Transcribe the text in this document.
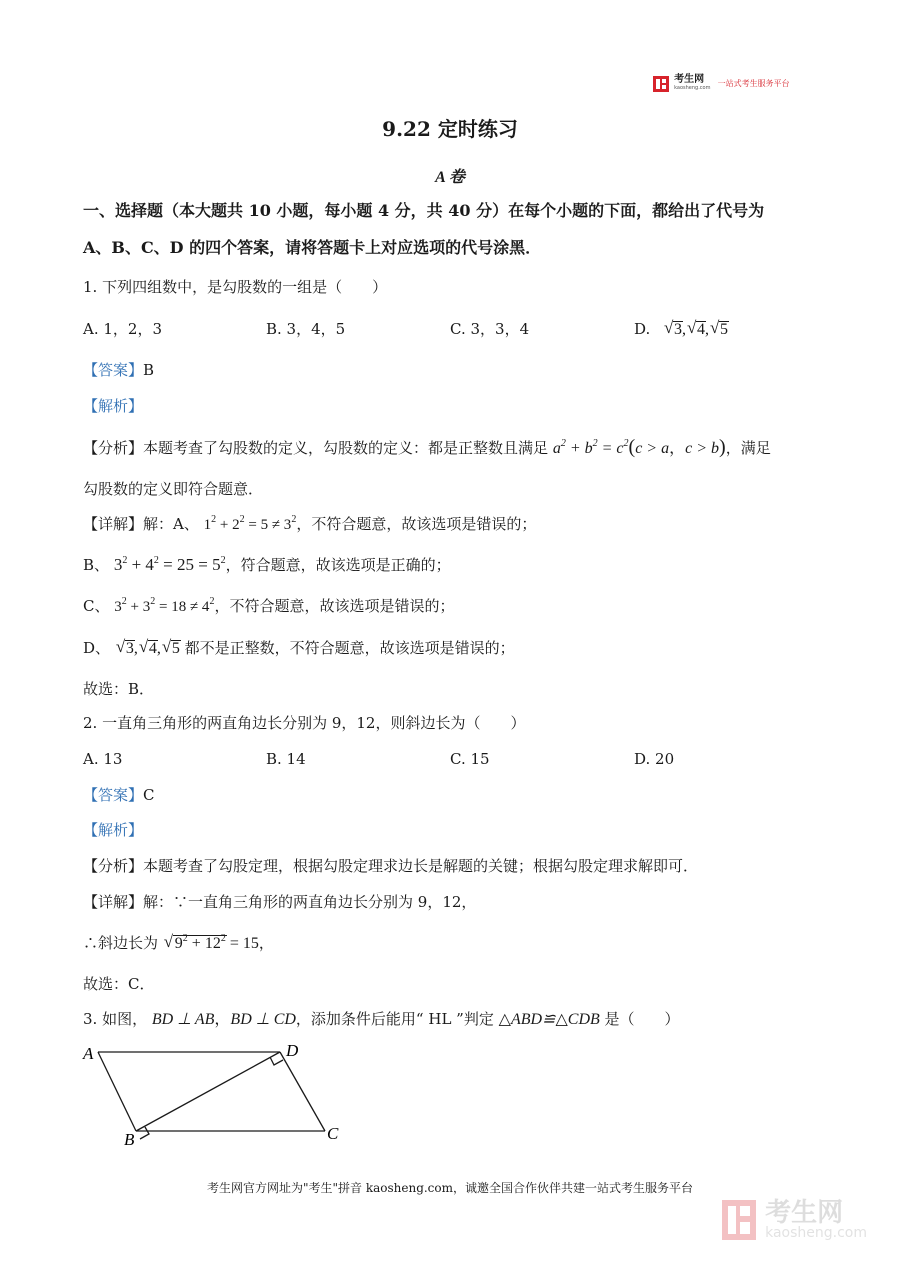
考生网
kaosheng.com 一站式考生服务平台
9.22 定时练习
A 卷
一、选择题（本大题共 10 小题，每小题 4 分，共 40 分）在每个小题的下面，都给出了代号为
A、B、C、D 的四个答案，请将答题卡上对应选项的代号涂黑．
1. 下列四组数中，是勾股数的一组是（　　）
A. 1，2，3	B. 3，4，5	C. 3，3，4	D. √ 3, √ 4, √ 5
【答案】B
【解析】
【分析】本题考查了勾股数的定义，勾股数的定义：都是正整数且满足 $a^2 + b^2 = c^2(c > a$，c > b)，满足
勾股数的定义即符合题意．
【详解】解：A、 $1^2 + 2^2 = 5 \ne 3^2$，不符合题意，故该选项是错误的；
B、 $3^2 + 4^2 = 25 = 5^2$，符合题意，故该选项是正确的；
C、 $3^2 + 3^2 = 18 \ne 4^2$，不符合题意，故该选项是错误的；
D、 √ 3, √ 4, √ 5 都不是正整数，不符合题意，故该选项是错误的；
故选：B．
2. 一直角三角形的两直角边长分别为 9，12，则斜边长为（　　）
A. 13	B. 14	C. 15	D. 20
【答案】C
【解析】
【分析】本题考查了勾股定理，根据勾股定理求边长是解题的关键；根据勾股定理求解即可．
【详解】解：∵一直角三角形的两直角边长分别为 9，12，
∴斜边长为 √ $9^2 + 12^2 = 15$，
故选：C．
3. 如图， BD ⊥ AB，BD ⊥ CD，添加条件后能用“ HL ”判定 △ABD≌△CDB 是（　　）
A	D
B	C
考生网官方网址为"考生"拼音 kaosheng.com，诚邀全国合作伙伴共建一站式考生服务平台

考生网
kaosheng.com
